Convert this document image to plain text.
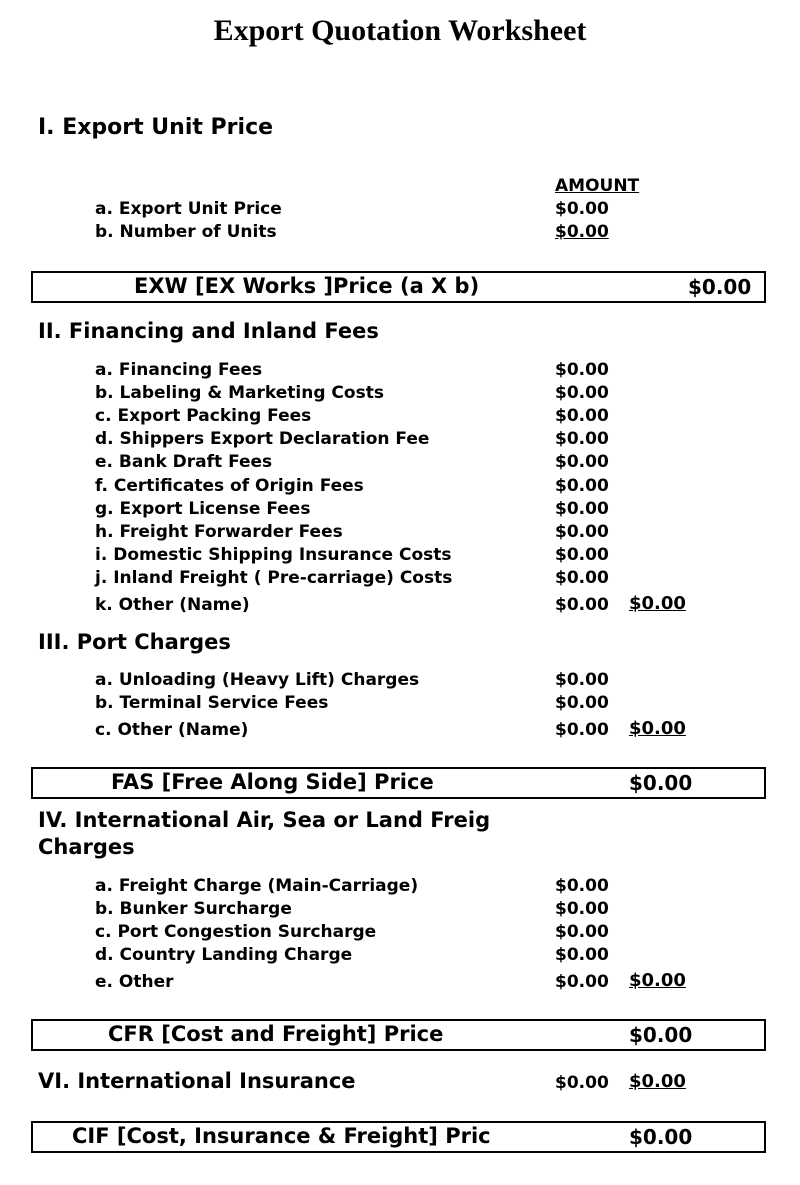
Export Quotation Worksheet
I. Export Unit Price
AMOUNT
a. Export Unit Price	$0.00
b. Number of Units	$0.00
EXW [EX Works ]Price (a X b)	$0.00
II. Financing and Inland Fees
a. Financing Fees	$0.00
b. Labeling & Marketing Costs	$0.00
c. Export Packing Fees	$0.00
d. Shippers Export Declaration Fee	$0.00
e. Bank Draft Fees	$0.00
f. Certificates of Origin Fees	$0.00
g. Export License Fees	$0.00
h. Freight Forwarder Fees	$0.00
i. Domestic Shipping Insurance Costs	$0.00
j. Inland Freight ( Pre-carriage) Costs	$0.00
k. Other (Name)	$0.00 $0.00
III. Port Charges
a. Unloading (Heavy Lift) Charges	$0.00
b. Terminal Service Fees	$0.00
c. Other (Name)	$0.00 $0.00
FAS [Free Along Side] Price	$0.00
IV. International Air, Sea or Land Freig
Charges
a. Freight Charge (Main-Carriage)	$0.00
b. Bunker Surcharge	$0.00
c. Port Congestion Surcharge	$0.00
d. Country Landing Charge	$0.00
e. Other	$0.00 $0.00
CFR [Cost and Freight] Price	$0.00
VI. International Insurance	$0.00 $0.00
CIF [Cost, Insurance & Freight] Pric	$0.00
